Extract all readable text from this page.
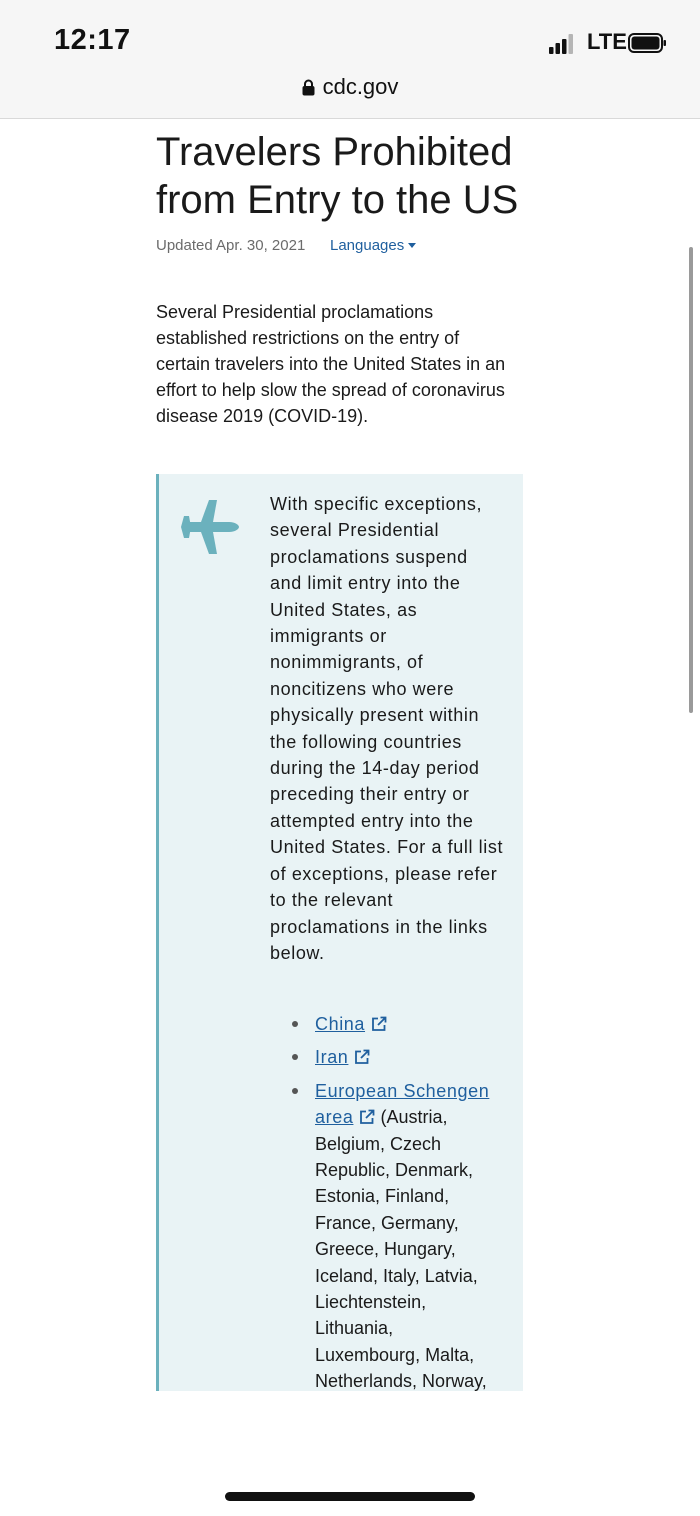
12:17	LTE
cdc.gov
Travelers Prohibited from Entry to the US
Updated Apr. 30, 2021 Languages

Several Presidential proclamations established restrictions on the entry of certain travelers into the United States in an effort to help slow the spread of coronavirus disease 2019 (COVID-19).

With specific exceptions, several Presidential proclamations suspend and limit entry into the United States, as immigrants or nonimmigrants, of noncitizens who were physically present within the following countries during the 14-day period preceding their entry or attempted entry into the United States. For a full list of exceptions, please refer to the relevant proclamations in the links below.

China
Iran
European Schengen area (Austria, Belgium, Czech Republic, Denmark, Estonia, Finland, France, Germany, Greece, Hungary, Iceland, Italy, Latvia, Liechtenstein, Lithuania, Luxembourg, Malta, Netherlands, Norway,
